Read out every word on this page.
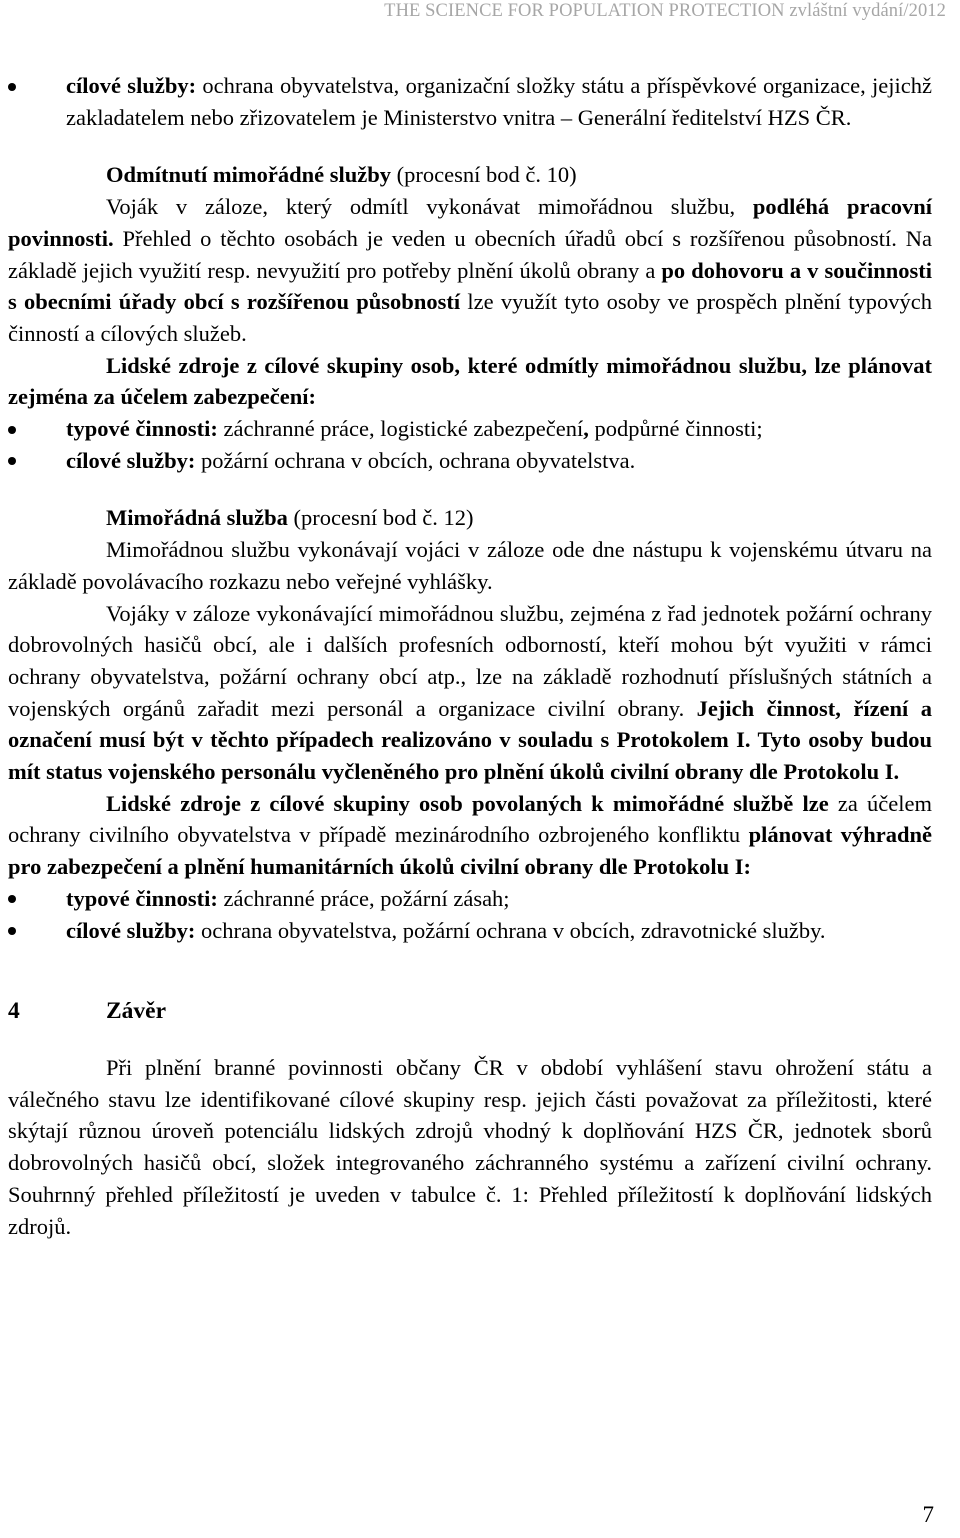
THE SCIENCE FOR POPULATION PROTECTION zvláštní vydání/2012
cílové služby: ochrana obyvatelstva, organizační složky státu a příspěvkové organizace, jejichž zakladatelem nebo zřizovatelem je Ministerstvo vnitra – Generální ředitelství HZS ČR.
Odmítnutí mimořádné služby (procesní bod č. 10)

Voják v záloze, který odmítl vykonávat mimořádnou službu, podléhá pracovní povinnosti. Přehled o těchto osobách je veden u obecních úřadů obcí s rozšířenou působností. Na základě jejich využití resp. nevyužití pro potřeby plnění úkolů obrany a po dohovoru a v součinnosti s obecními úřady obcí s rozšířenou působností lze využít tyto osoby ve prospěch plnění typových činností a cílových služeb.

Lidské zdroje z cílové skupiny osob, které odmítly mimořádnou službu, lze plánovat zejména za účelem zabezpečení:

typové činnosti: záchranné práce, logistické zabezpečení, podpůrné činnosti;
cílové služby: požární ochrana v obcích, ochrana obyvatelstva.
Mimořádná služba (procesní bod č. 12)

Mimořádnou službu vykonávají vojáci v záloze ode dne nástupu k vojenskému útvaru na základě povolávacího rozkazu nebo veřejné vyhlášky.

Vojáky v záloze vykonávající mimořádnou službu, zejména z řad jednotek požární ochrany dobrovolných hasičů obcí, ale i dalších profesních odborností, kteří mohou být využiti v rámci ochrany obyvatelstva, požární ochrany obcí atp., lze na základě rozhodnutí příslušných státních a vojenských orgánů zařadit mezi personál a organizace civilní obrany. Jejich činnost, řízení a označení musí být v těchto případech realizováno v souladu s Protokolem I. Tyto osoby budou mít status vojenského personálu vyčleněného pro plnění úkolů civilní obrany dle Protokolu I.

Lidské zdroje z cílové skupiny osob povolaných k mimořádné službě lze za účelem ochrany civilního obyvatelstva v případě mezinárodního ozbrojeného konfliktu plánovat výhradně pro zabezpečení a plnění humanitárních úkolů civilní obrany dle Protokolu I:

typové činnosti: záchranné práce, požární zásah;
cílové služby: ochrana obyvatelstva, požární ochrana v obcích, zdravotnické služby.
4	Závěr

Při plnění branné povinnosti občany ČR v období vyhlášení stavu ohrožení státu a válečného stavu lze identifikované cílové skupiny resp. jejich části považovat za příležitosti, které skýtají různou úroveň potenciálu lidských zdrojů vhodný k doplňování HZS ČR, jednotek sborů dobrovolných hasičů obcí, složek integrovaného záchranného systému a zařízení civilní ochrany. Souhrnný přehled příležitostí je uveden v tabulce č. 1: Přehled příležitostí k doplňování lidských zdrojů.

7
